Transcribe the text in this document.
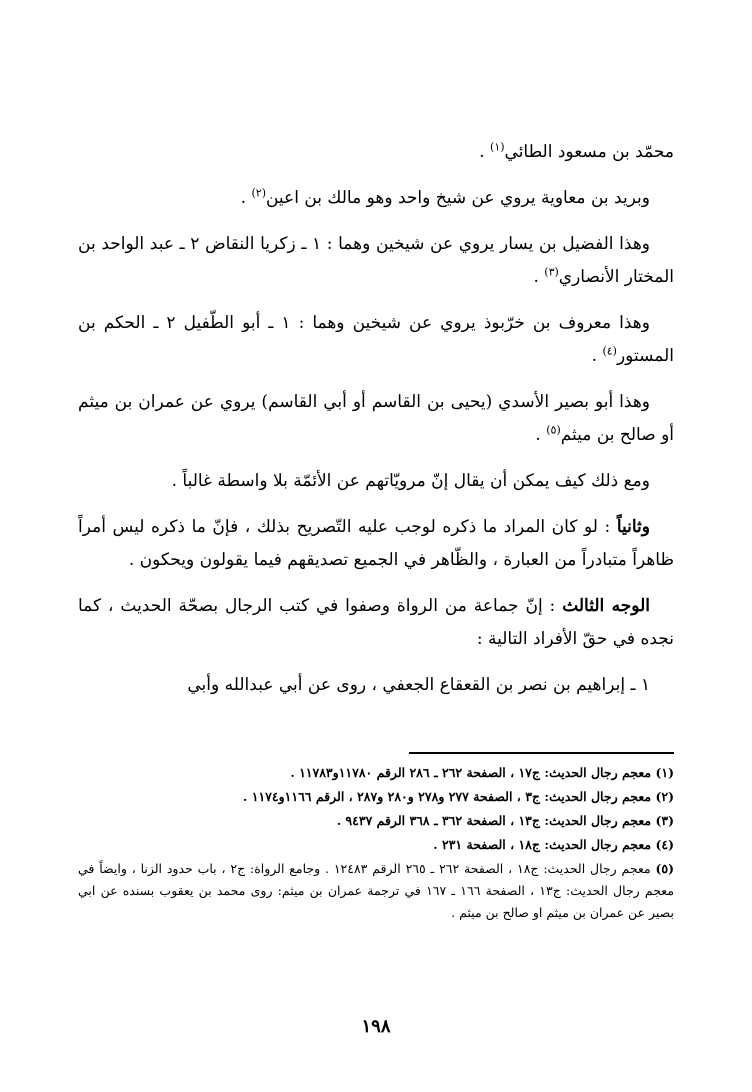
محمّد بن مسعود الطائي$^{(١)}$ .

وبريد بن معاوية يروي عن شيخ واحد وهو مالك بن اعين$^{(٢)}$ .

وهذا الفضيل بن يسار يروي عن شيخين وهما : ١ ـ زكريا النقاض ٢ ـ عبد الواحد بن المختار الأنصاري$^{(٣)}$ .

وهذا معروف بن خرّبوذ يروي عن شيخين وهما : ١ ـ أبو الطّفيل ٢ ـ الحكم بن المستور$^{(٤)}$ .

وهذا أبو بصير الأسدي (يحيى بن القاسم أو أبي القاسم) يروي عن عمران بن ميثم أو صالح بن ميثم$^{(٥)}$ .

ومع ذلك كيف يمكن أن يقال إنّ مرويّاتهم عن الأئمّة بلا واسطة غالباً .

وثانياً : لو كان المراد ما ذكره لوجب عليه التّصريح بذلك ، فإنّ ما ذكره ليس أمراً ظاهراً متبادراً من العبارة ، والظّاهر في الجميع تصديقهم فيما يقولون ويحكون .

الوجه الثالث : إنّ جماعة من الرواة وصفوا في كتب الرجال بصحّة الحديث ، كما نجده في حقّ الأفراد التالية :

١ ـ إبراهيم بن نصر بن القعقاع الجعفي ، روى عن أبي عبدالله وأبي

(١) معجم رجال الحديث: ج١٧ ، الصفحة ٢٦٢ ـ ٢٨٦ الرقم ١١٧٨٠و١١٧٨٣ .

(٢) معجم رجال الحديث: ج٣ ، الصفحة ٢٧٧ و٢٧٨ و٢٨٠ و٢٨٧ ، الرقم ١١٦٦و١١٧٤ .

(٣) معجم رجال الحديث: ج١٣ ، الصفحة ٣٦٢ ـ ٣٦٨ الرقم ٩٤٣٧ .

(٤) معجم رجال الحديث: ج١٨ ، الصفحة ٢٣١ .

(٥) معجم رجال الحديث: ج١٨ ، الصفحة ٢٦٢ ـ ٢٦٥ الرقم ١٢٤٨٣ . وجامع الرواة: ج٢ ، باب حدود الزنا ، وايضاً في معجم رجال الحديث: ج١٣ ، الصفحة ١٦٦ ـ ١٦٧ في ترجمة عمران بن ميثم: روى محمد بن يعقوب بسنده عن ابي بصير عن عمران بن ميثم او صالح بن ميثم .

١٩٨
